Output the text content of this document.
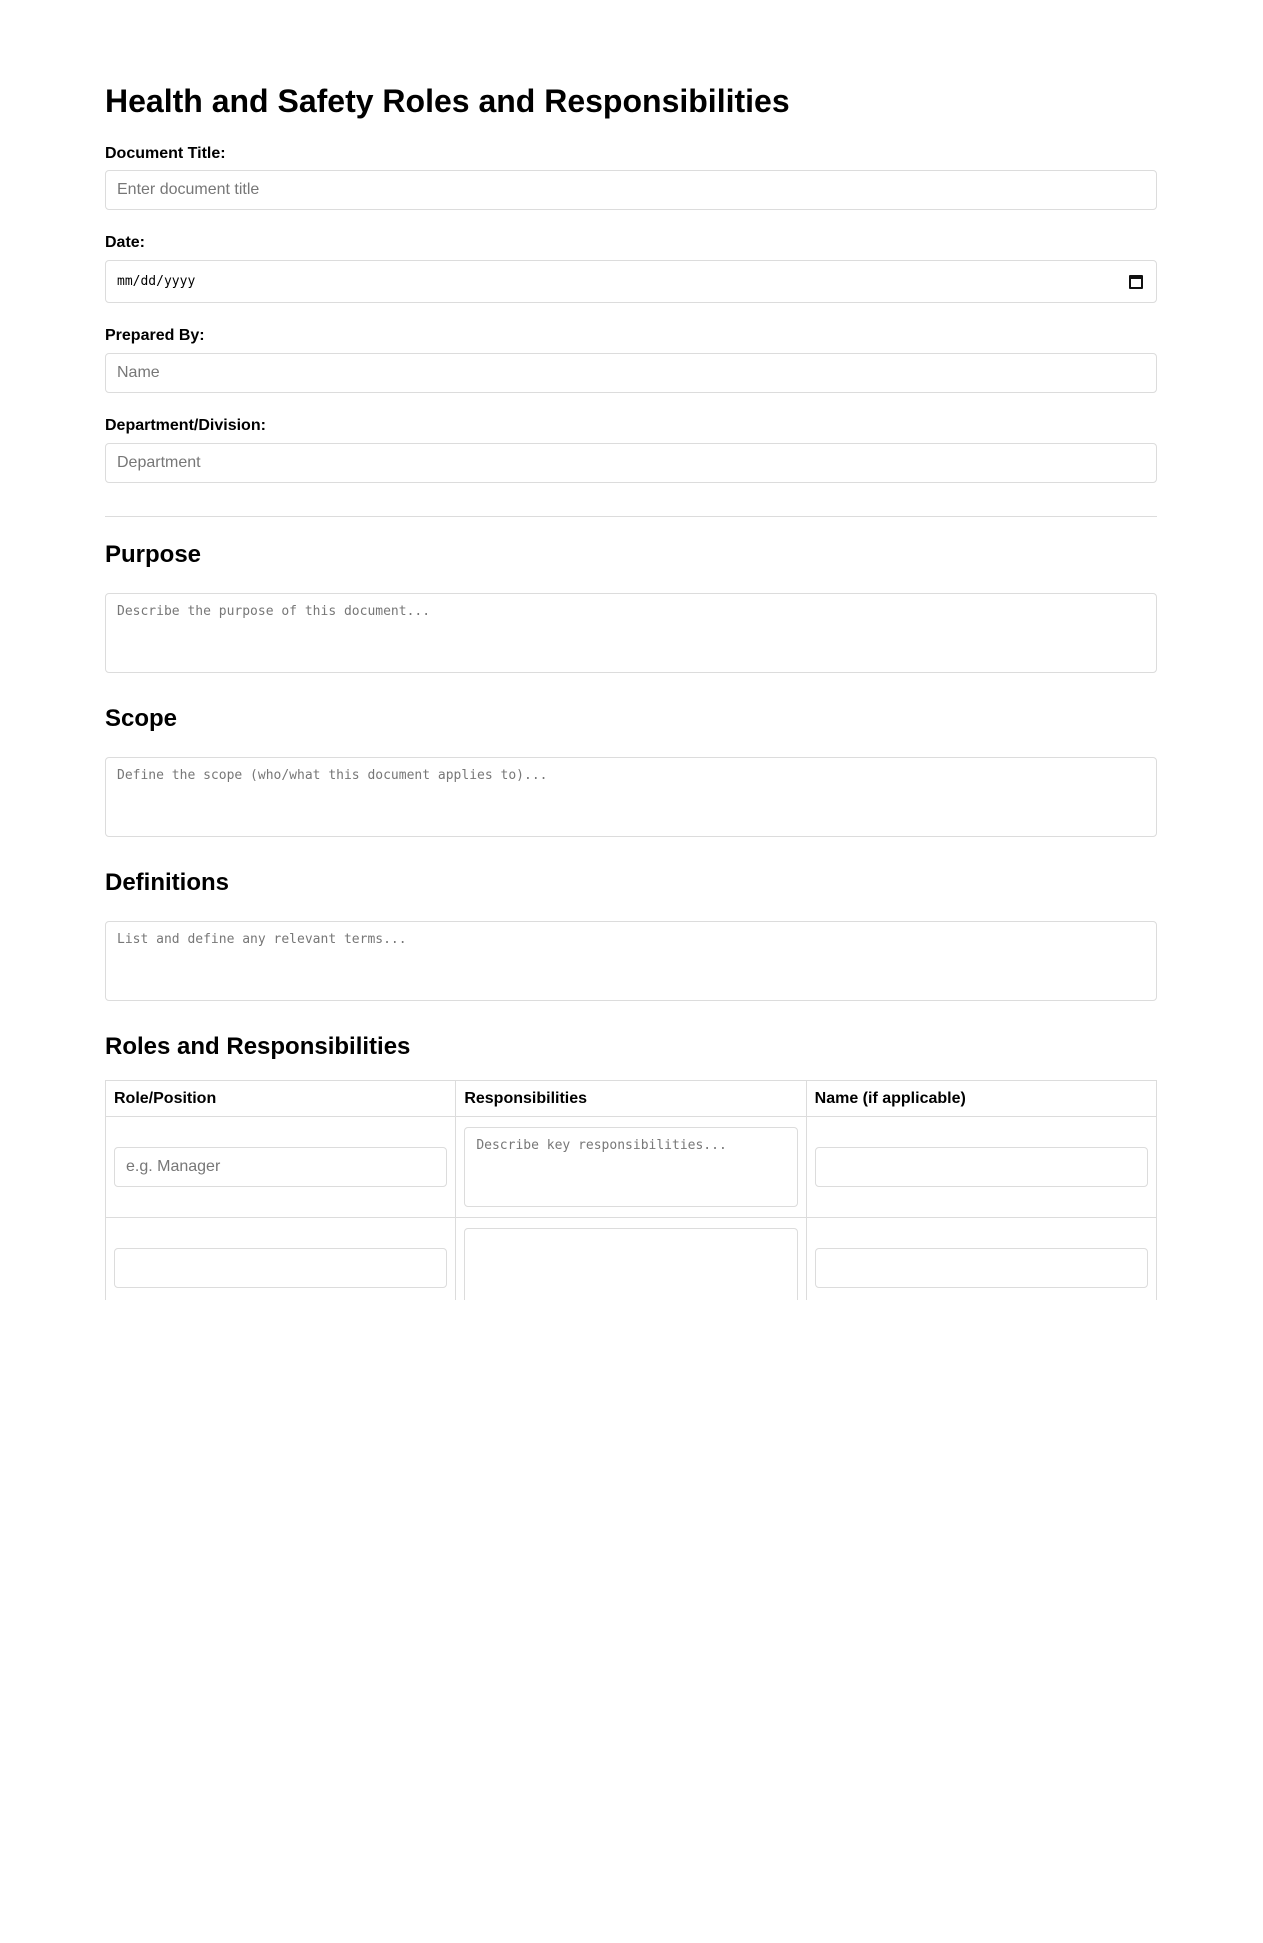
Health and Safety Roles and Responsibilities
Document Title:
Enter document title
Date:
mm/dd/yyyy
Prepared By:
Name
Department/Division:
Department
Purpose
Describe the purpose of this document...
Scope
Define the scope (who/what this document applies to)...
Definitions
List and define any relevant terms...
Roles and Responsibilities
Role/Position	Responsibilities	Name (if applicable)

e.g. Manager	Describe key responsibilities...	
